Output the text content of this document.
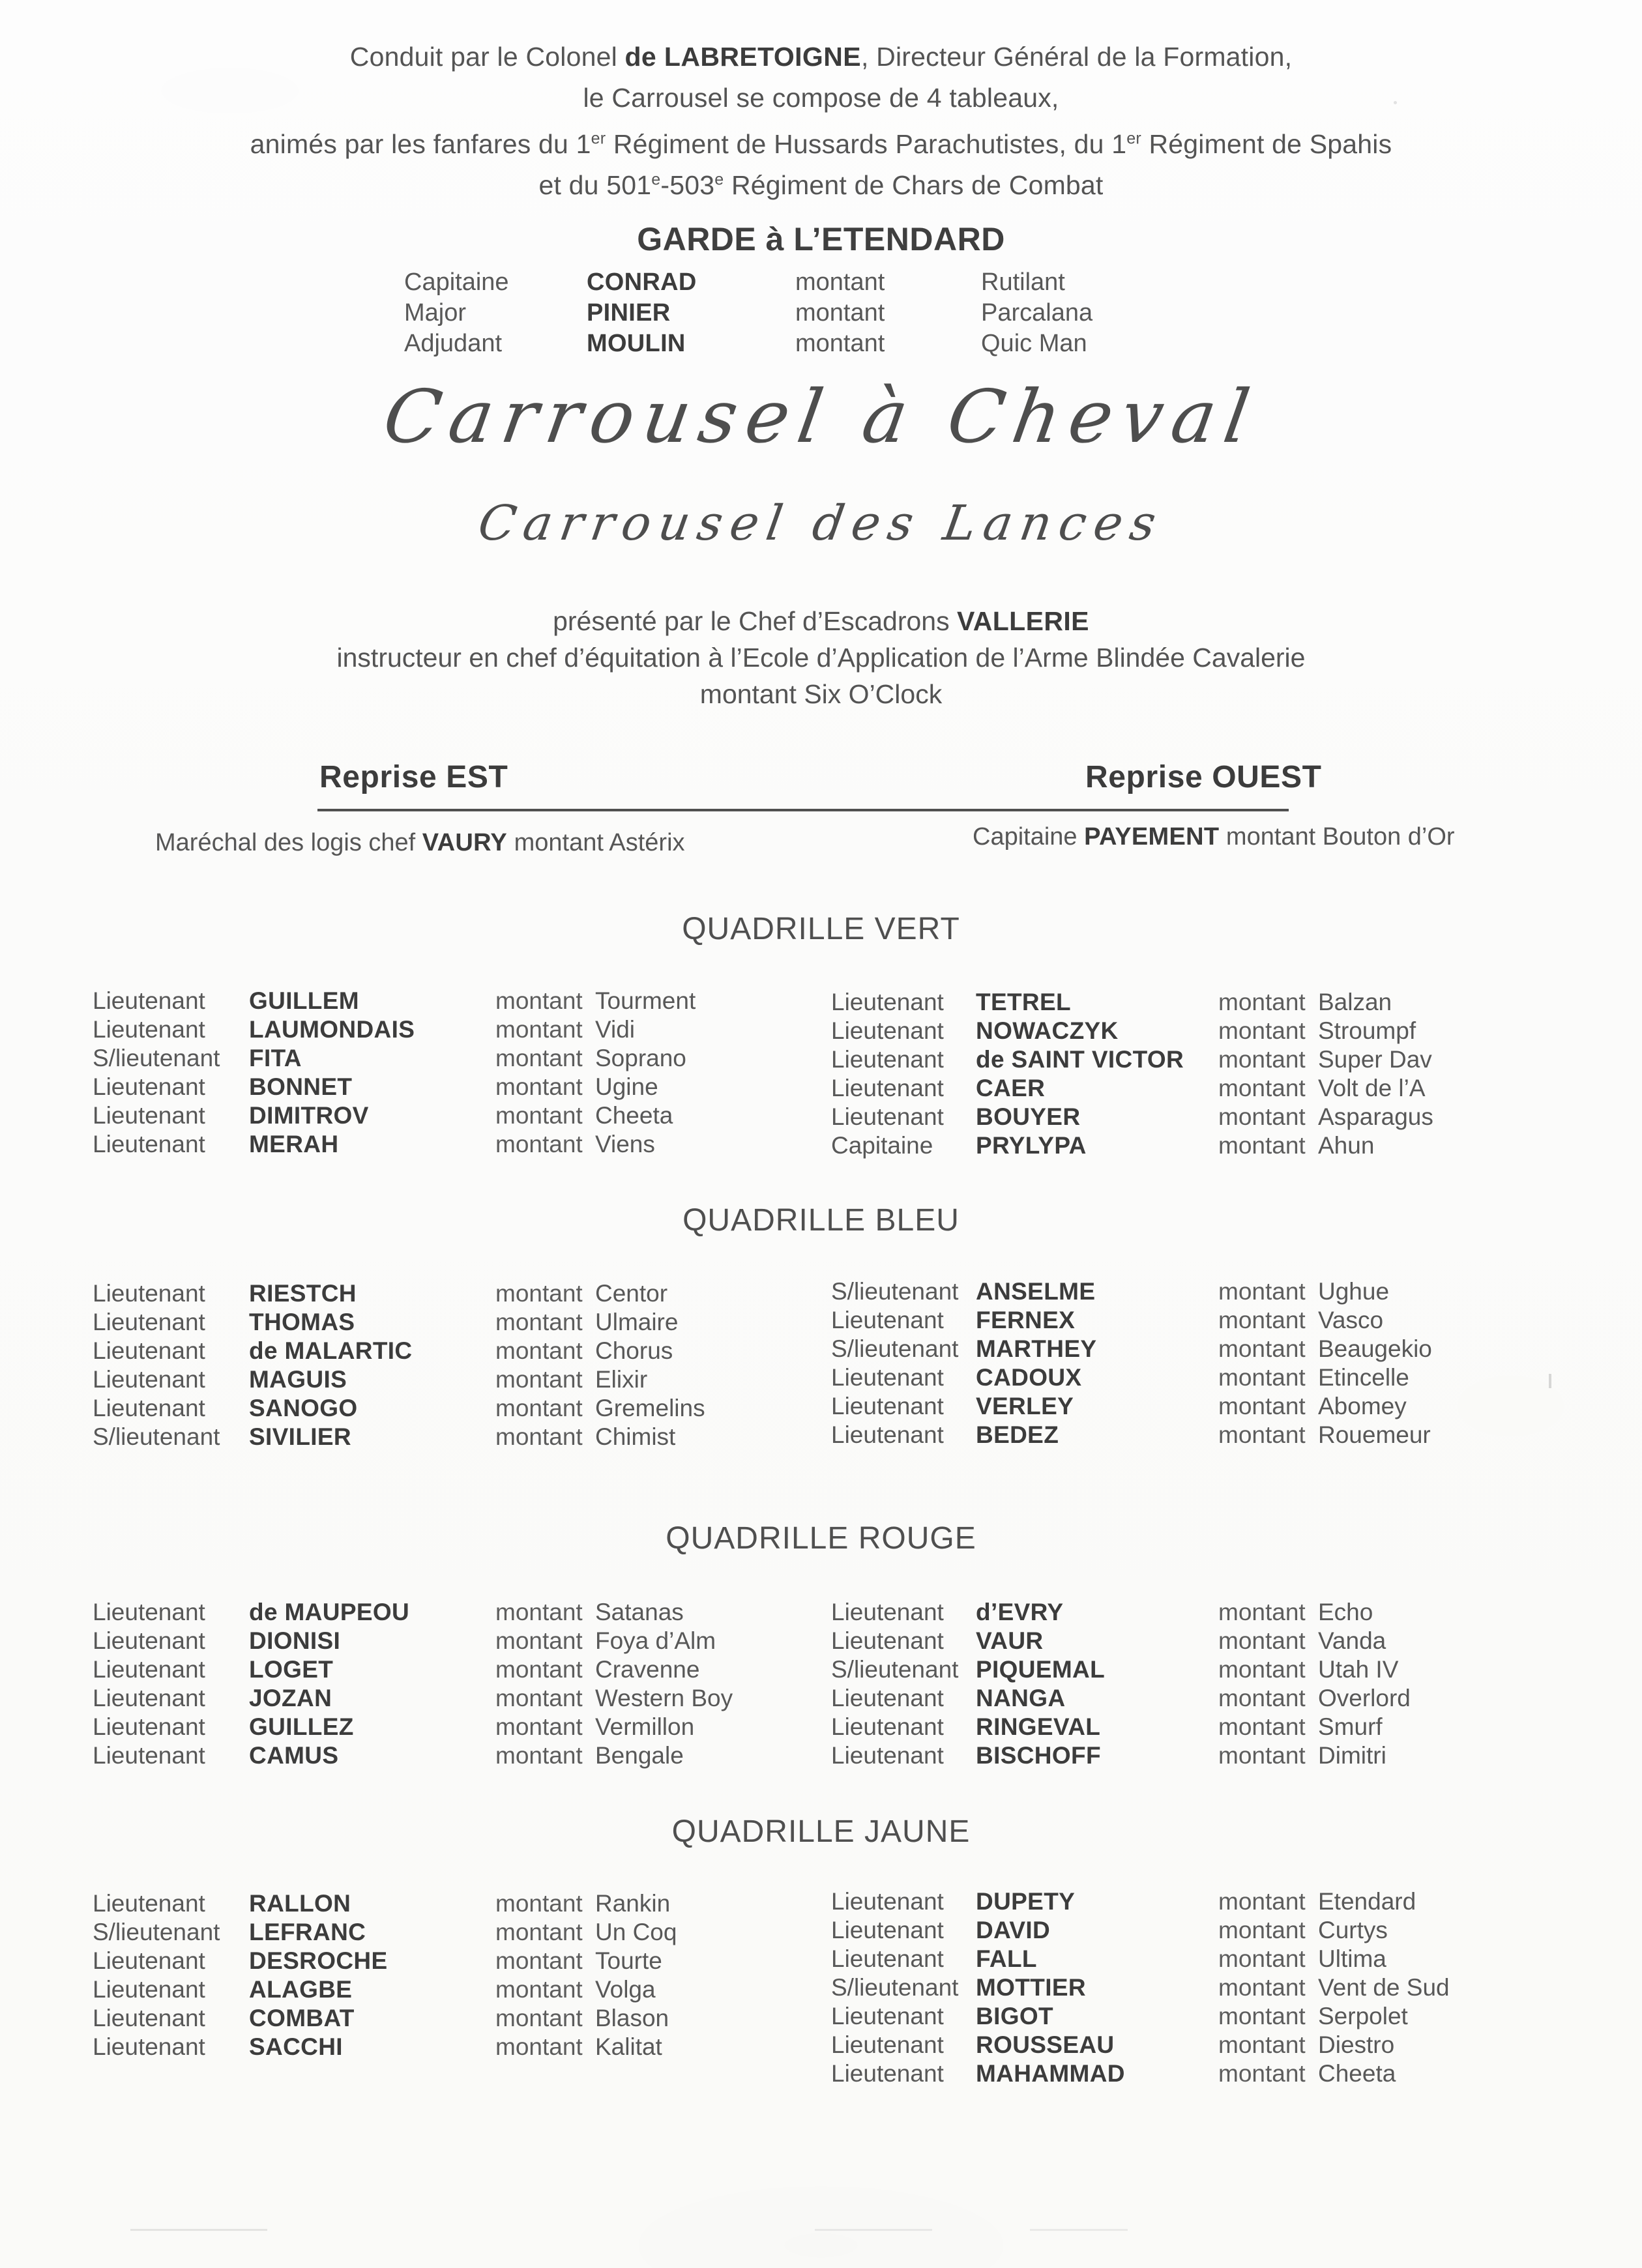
Conduit par le Colonel de LABRETOIGNE, Directeur Général de la Formation,
le Carrousel se compose de 4 tableaux,
animés par les fanfares du 1er Régiment de Hussards Parachutistes, du 1er Régiment de Spahis
et du 501e-503e Régiment de Chars de Combat
GARDE à L’ETENDARD
Capitaine	CONRAD	montant	Rutilant
Major	PINIER	montant	Parcalana
Adjudant	MOULIN	montant	Quic Man
Carrousel à Cheval
Carrousel des Lances
présenté par le Chef d’Escadrons VALLERIE
instructeur en chef d’équitation à l’Ecole d’Application de l’Arme Blindée Cavalerie
montant Six O’Clock
Reprise EST	Reprise OUEST
Maréchal des logis chef VAURY montant Astérix	Capitaine PAYEMENT montant Bouton d’Or
QUADRILLE VERT
Lieutenant	GUILLEM	montant Tourment
Lieutenant	LAUMONDAIS	montant Vidi
S/lieutenant	FITA	montant Soprano
Lieutenant	BONNET	montant Ugine
Lieutenant	DIMITROV	montant Cheeta
Lieutenant	MERAH	montant Viens
Lieutenant	TETREL	montant Balzan
Lieutenant	NOWACZYK	montant Stroumpf
Lieutenant	de SAINT VICTOR	montant Super Dav
Lieutenant	CAER	montant Volt de l’A
Lieutenant	BOUYER	montant Asparagus
Capitaine	PRYLYPA	montant Ahun
QUADRILLE BLEU
Lieutenant	RIESTCH	montant Centor
Lieutenant	THOMAS	montant Ulmaire
Lieutenant	de MALARTIC	montant Chorus
Lieutenant	MAGUIS	montant Elixir
Lieutenant	SANOGO	montant Gremelins
S/lieutenant	SIVILIER	montant Chimist
S/lieutenant ANSELME	montant Ughue
Lieutenant	FERNEX	montant Vasco
S/lieutenant MARTHEY	montant Beaugekio
Lieutenant	CADOUX	montant Etincelle
Lieutenant	VERLEY	montant Abomey
Lieutenant	BEDEZ	montant Rouemeur
QUADRILLE ROUGE
Lieutenant	de MAUPEOU	montant Satanas
Lieutenant	DIONISI	montant Foya d’Alm
Lieutenant	LOGET	montant Cravenne
Lieutenant	JOZAN	montant Western Boy
Lieutenant	GUILLEZ	montant Vermillon
Lieutenant	CAMUS	montant Bengale
Lieutenant	d’EVRY	montant Echo
Lieutenant	VAUR	montant Vanda
S/lieutenant PIQUEMAL	montant Utah IV
Lieutenant	NANGA	montant Overlord
Lieutenant	RINGEVAL	montant Smurf
Lieutenant	BISCHOFF	montant Dimitri
QUADRILLE JAUNE
Lieutenant	RALLON	montant Rankin
S/lieutenant	LEFRANC	montant Un Coq
Lieutenant	DESROCHE	montant Tourte
Lieutenant	ALAGBE	montant Volga
Lieutenant	COMBAT	montant Blason
Lieutenant	SACCHI	montant Kalitat
Lieutenant	DUPETY	montant Etendard
Lieutenant	DAVID	montant Curtys
Lieutenant	FALL	montant Ultima
S/lieutenant MOTTIER	montant Vent de Sud
Lieutenant	BIGOT	montant Serpolet
Lieutenant	ROUSSEAU	montant Diestro
Lieutenant	MAHAMMAD	montant Cheeta
